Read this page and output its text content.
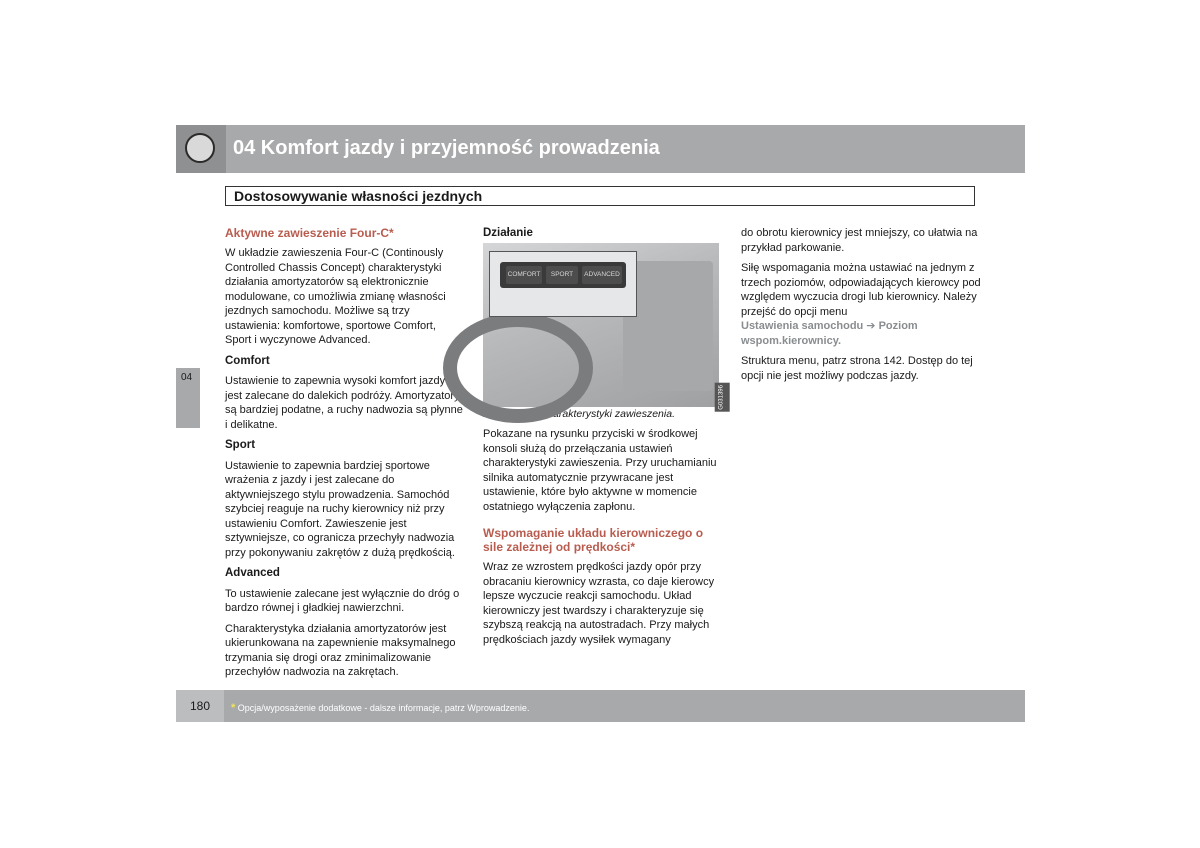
04 Komfort jazdy i przyjemność prowadzenia
Dostosowywanie własności jezdnych
04

Aktywne zawieszenie Four-C*

W układzie zawieszenia Four-C (Continously Controlled Chassis Concept) charakterystyki działania amortyzatorów są elektronicznie modulowane, co umożliwia zmianę własności jezdnych samochodu. Możliwe są trzy ustawienia: komfortowe, sportowe Comfort, Sport i wyczynowe Advanced.

Comfort

Ustawienie to zapewnia wysoki komfort jazdy i jest zalecane do dalekich podróży. Amortyzatory są bardziej podatne, a ruchy nadwozia są płynne i delikatne.

Sport

Ustawienie to zapewnia bardziej sportowe wrażenia z jazdy i jest zalecane do aktywniejszego stylu prowadzenia. Samochód szybciej reaguje na ruchy kierownicy niż przy ustawieniu Comfort. Zawieszenie jest sztywniejsze, co ogranicza przechyły nadwozia przy pokonywaniu zakrętów z dużą prędkością.

Advanced

To ustawienie zalecane jest wyłącznie do dróg o bardzo równej i gładkiej nawierzchni.

Charakterystyka działania amortyzatorów jest ukierunkowana na zapewnienie maksymalnego trzymania się drogi oraz zminimalizowanie przechyłów nadwozia na zakrętach.

Działanie

COMFORT	SPORT	ADVANCED
G031396

Przełączniki charakterystyki zawieszenia.

Pokazane na rysunku przyciski w środkowej konsoli służą do przełączania ustawień charakterystyki zawieszenia. Przy uruchamianiu silnika automatycznie przywracane jest ustawienie, które było aktywne w momencie ostatniego wyłączenia zapłonu.

Wspomaganie układu kierowniczego o sile zależnej od prędkości*

Wraz ze wzrostem prędkości jazdy opór przy obracaniu kierownicy wzrasta, co daje kierowcy lepsze wyczucie reakcji samochodu. Układ kierowniczy jest twardszy i charakteryzuje się szybszą reakcją na autostradach. Przy małych prędkościach jazdy wysiłek wymagany

do obrotu kierownicy jest mniejszy, co ułatwia na przykład parkowanie.

Siłę wspomagania można ustawiać na jednym z trzech poziomów, odpowiadających kierowcy pod względem wyczucia drogi lub kierownicy. Należy przejść do opcji menu
Ustawienia samochodu ➔ Poziom wspom.kierownicy.

Struktura menu, patrz strona 142. Dostęp do tej opcji nie jest możliwy podczas jazdy.

180 * Opcja/wyposażenie dodatkowe - dalsze informacje, patrz Wprowadzenie.
